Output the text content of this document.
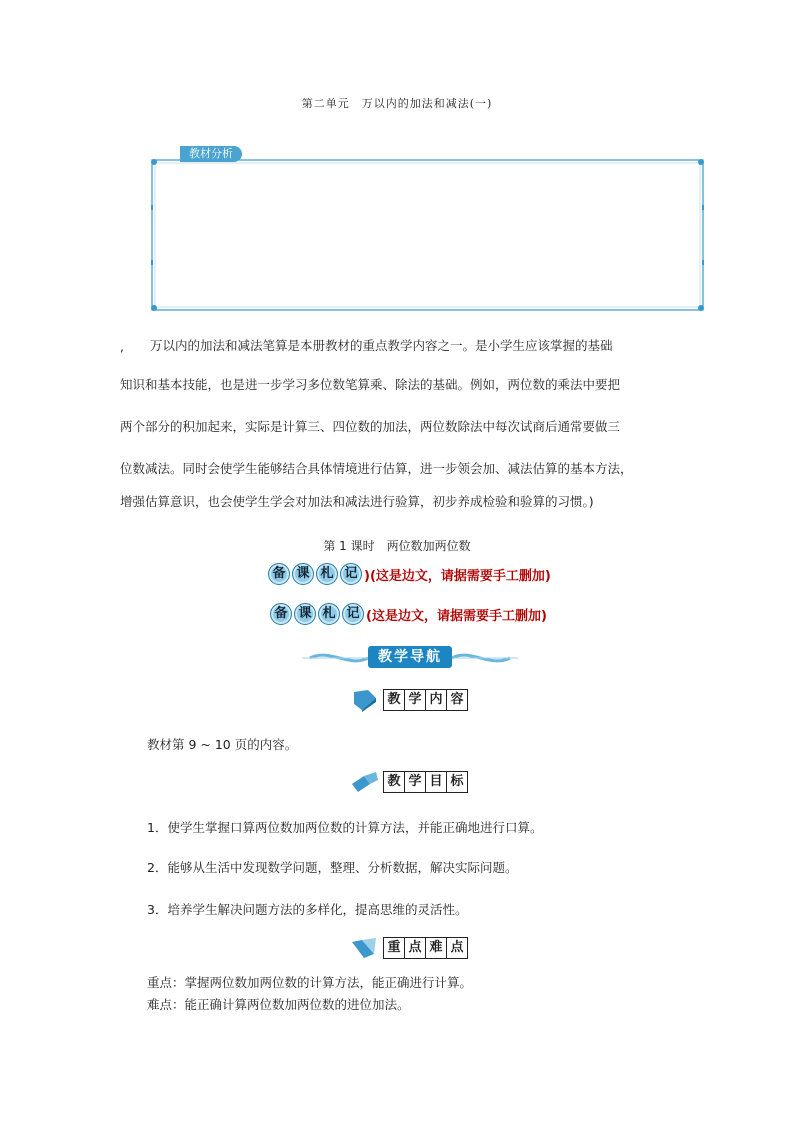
第二单元　万以内的加法和减法(一)
教材分析
, 万以内的加法和减法笔算是本册教材的重点教学内容之一。是小学生应该掌握的基础
知识和基本技能，也是进一步学习多位数笔算乘、除法的基础。例如，两位数的乘法中要把
两个部分的积加起来，实际是计算三、四位数的加法，两位数除法中每次试商后通常要做三
位数减法。同时会使学生能够结合具体情境进行估算，进一步领会加、减法估算的基本方法，
增强估算意识，也会使学生学会对加法和减法进行验算，初步养成检验和验算的习惯。)
第 1 课时　两位数加两位数
备 课 札 记 )(这是边文，请据需要手工删加)
备 课 札 记 (这是边文，请据需要手工删加)
教学导航
教 学 内 容
教材第 9 ~ 10 页的内容。
教 学 目 标
1．使学生掌握口算两位数加两位数的计算方法，并能正确地进行口算。
2．能够从生活中发现数学问题，整理、分析数据，解决实际问题。
3．培养学生解决问题方法的多样化，提高思维的灵活性。
重 点 难 点
重点：掌握两位数加两位数的计算方法，能正确进行计算。
难点：能正确计算两位数加两位数的进位加法。
